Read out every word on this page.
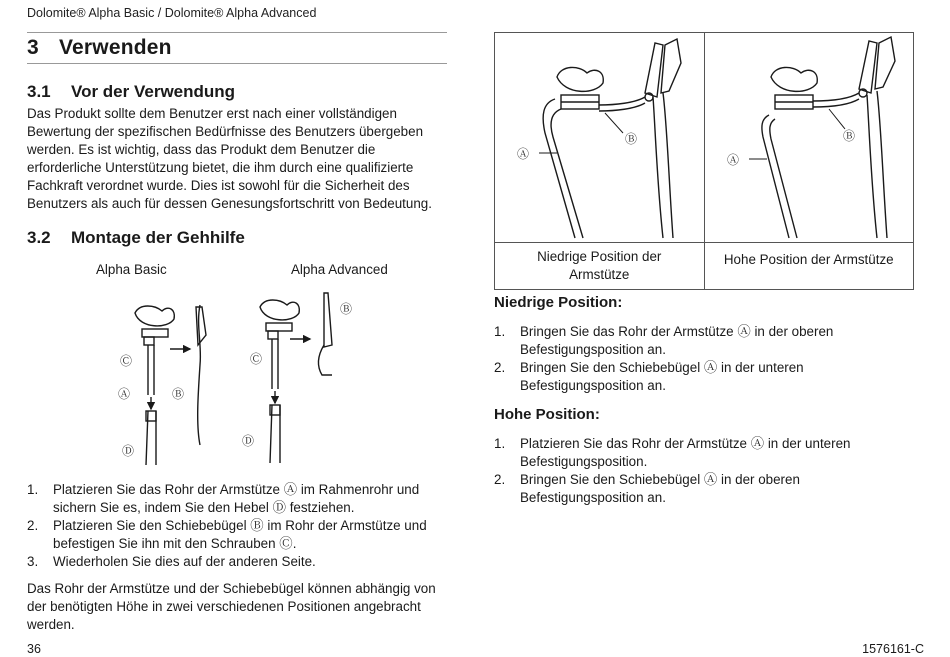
Dolomite® Alpha Basic / Dolomite® Alpha Advanced
3 Verwenden
3.1 Vor der Verwendung
Das Produkt sollte dem Benutzer erst nach einer vollständigen
Bewertung der spezifischen Bedürfnisse des Benutzers übergeben
werden. Es ist wichtig, dass das Produkt dem Benutzer die
erforderliche Unterstützung bietet, die ihm durch eine qualifizierte
Fachkraft verordnet wurde. Dies ist sowohl für die Sicherheit des
Benutzers als auch für dessen Genesungsfortschritt von Bedeutung.
3.2 Montage der Gehhilfe
Alpha Basic	Alpha Advanced
Ⓒ
Ⓐ	Ⓑ
Ⓓ
Ⓒ
Ⓑ
Ⓓ
1. Platzieren Sie das Rohr der Armstütze Ⓐ im Rahmenrohr und
sichern Sie es, indem Sie den Hebel Ⓓ festziehen.
2. Platzieren Sie den Schiebebügel Ⓑ im Rohr der Armstütze und
befestigen Sie ihn mit den Schrauben Ⓒ.
3. Wiederholen Sie dies auf der anderen Seite.
Das Rohr der Armstütze und der Schiebebügel können abhängig von
der benötigten Höhe in zwei verschiedenen Positionen angebracht
werden.
36	1576161-C
Ⓐ
Ⓑ	Ⓐ
Ⓑ

Niedrige Position der
Armstütze	Hohe Position der Armstütze
Niedrige Position:
1. Bringen Sie das Rohr der Armstütze Ⓐ in der oberen
Befestigungsposition an.
2. Bringen Sie den Schiebebügel Ⓐ in der unteren
Befestigungsposition an.
Hohe Position:
1. Platzieren Sie das Rohr der Armstütze Ⓐ in der unteren
Befestigungsposition.
2. Bringen Sie den Schiebebügel Ⓐ in der oberen
Befestigungsposition an.
